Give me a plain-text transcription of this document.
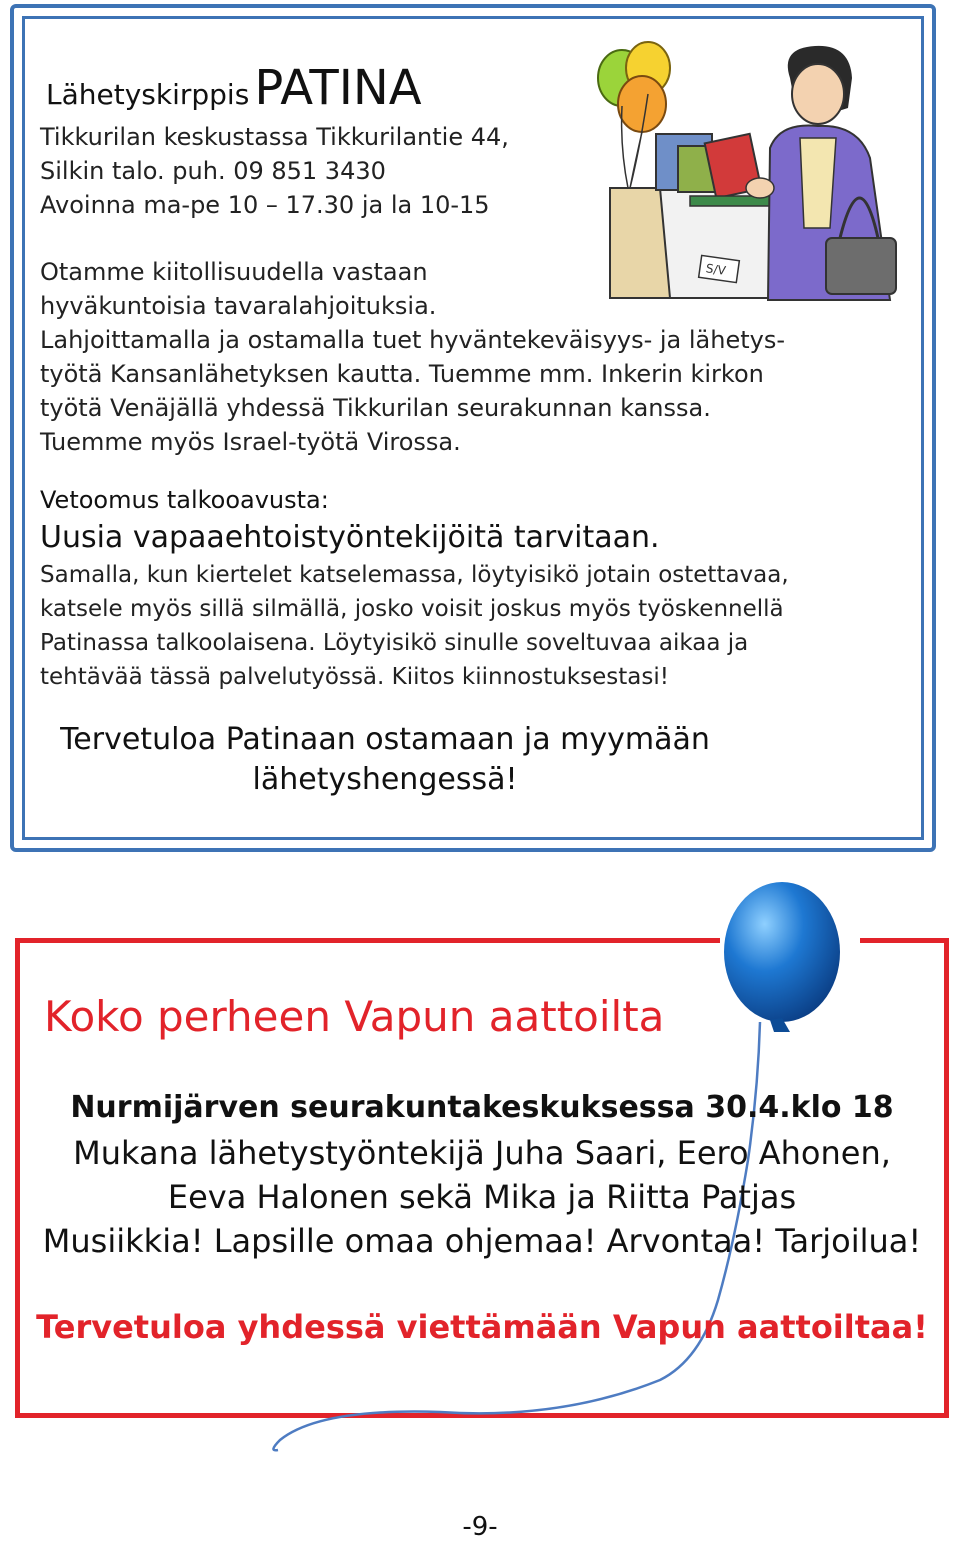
Lähetyskirppis PATINA
Tikkurilan keskustassa Tikkurilantie 44,
Silkin talo. puh. 09 851 3430
Avoinna ma-pe 10 – 17.30 ja la 10-15
Otamme kiitollisuudella vastaan
hyväkuntoisia tavaralahjoituksia.
Lahjoittamalla ja ostamalla tuet hyväntekeväisyys- ja lähetys-
työtä Kansanlähetyksen kautta. Tuemme mm. Inkerin kirkon
työtä Venäjällä yhdessä Tikkurilan seurakunnan kanssa.
Tuemme myös Israel-työtä Virossa.
Vetoomus talkooavusta:
Uusia vapaaehtoistyöntekijöitä tarvitaan.
Samalla, kun kiertelet katselemassa, löytyisikö jotain ostettavaa,
katsele myös sillä silmällä, josko voisit joskus myös työskennellä
Patinassa talkoolaisena. Löytyisikö sinulle soveltuvaa aikaa ja
tehtävää tässä palvelutyössä. Kiitos kiinnostuksestasi!
Tervetuloa Patinaan ostamaan ja myymään
lähetyshengessä!
S/V
Koko perheen Vapun aattoilta
Nurmijärven seurakuntakeskuksessa 30.4.klo 18
Mukana lähetystyöntekijä Juha Saari, Eero Ahonen,
Eeva Halonen sekä Mika ja Riitta Patjas
Musiikkia! Lapsille omaa ohjemaa! Arvontaa! Tarjoilua!
Tervetuloa yhdessä viettämään Vapun aattoiltaa!
-9-
